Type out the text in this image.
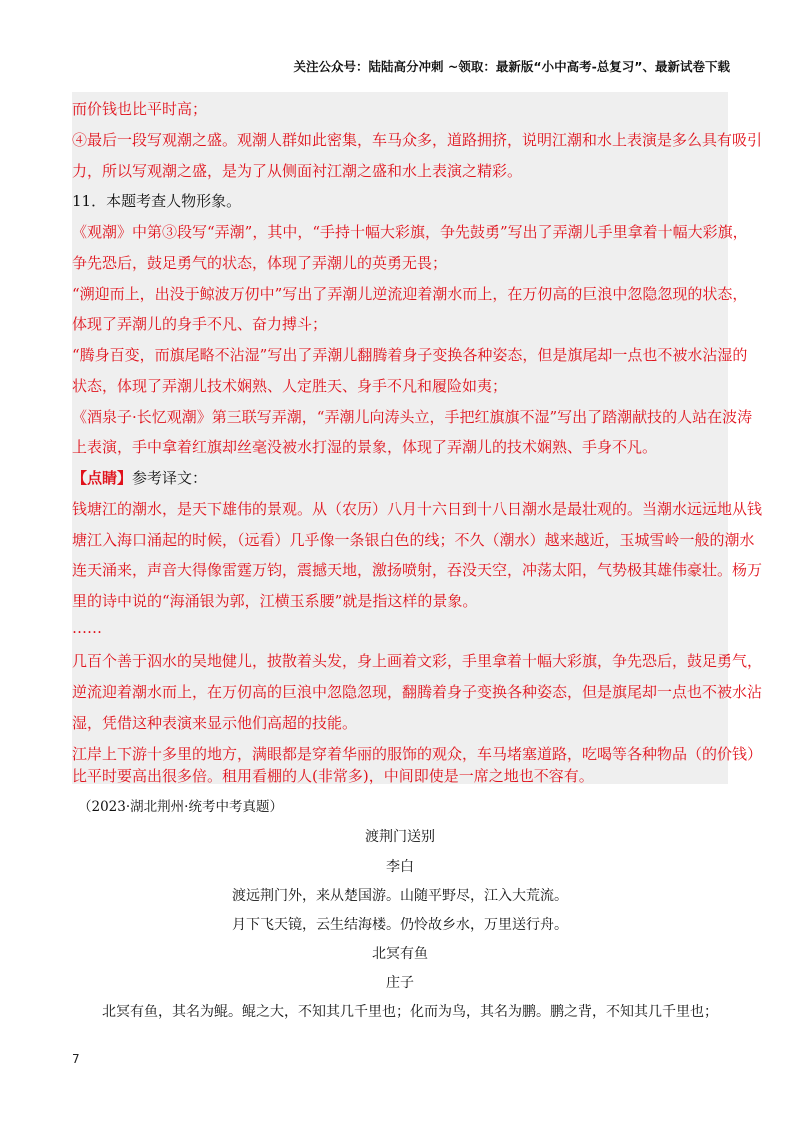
关注公众号：陆陆高分冲刺 ~领取：最新版“小中高考-总复习”、最新试卷下载
而价钱也比平时高；
④最后一段写观潮之盛。观潮人群如此密集，车马众多，道路拥挤，说明江潮和水上表演是多么具有吸引
力，所以写观潮之盛，是为了从侧面衬江潮之盛和水上表演之精彩。
11．本题考查人物形象。
《观潮》中第③段写“弄潮”，其中，“手持十幅大彩旗，争先鼓勇”写出了弄潮儿手里拿着十幅大彩旗，
争先恐后，鼓足勇气的状态，体现了弄潮儿的英勇无畏；
“溯迎而上，出没于鲸波万仞中”写出了弄潮儿逆流迎着潮水而上，在万仞高的巨浪中忽隐忽现的状态，
体现了弄潮儿的身手不凡、奋力搏斗；
“腾身百变，而旗尾略不沾湿”写出了弄潮儿翻腾着身子变换各种姿态，但是旗尾却一点也不被水沾湿的
状态，体现了弄潮儿技术娴熟、人定胜天、身手不凡和履险如夷；
《酒泉子·长忆观潮》第三联写弄潮，“弄潮儿向涛头立，手把红旗旗不湿”写出了踏潮献技的人站在波涛
上表演，手中拿着红旗却丝毫没被水打湿的景象，体现了弄潮儿的技术娴熟、手身不凡。
【点睛】参考译文：
钱塘江的潮水，是天下雄伟的景观。从（农历）八月十六日到十八日潮水是最壮观的。当潮水远远地从钱
塘江入海口涌起的时候，（远看）几乎像一条银白色的线；不久（潮水）越来越近，玉城雪岭一般的潮水
连天涌来，声音大得像雷霆万钧，震撼天地，激扬喷射，吞没天空，冲荡太阳，气势极其雄伟豪壮。杨万
里的诗中说的“海涌银为郭，江横玉系腰”就是指这样的景象。
……
几百个善于泅水的吴地健儿，披散着头发，身上画着文彩，手里拿着十幅大彩旗，争先恐后，鼓足勇气，
逆流迎着潮水而上，在万仞高的巨浪中忽隐忽现，翻腾着身子变换各种姿态，但是旗尾却一点也不被水沾
湿，凭借这种表演来显示他们高超的技能。
江岸上下游十多里的地方，满眼都是穿着华丽的服饰的观众，车马堵塞道路，吃喝等各种物品（的价钱）
比平时要高出很多倍。租用看棚的人(非常多)，中间即使是一席之地也不容有。
（2023·湖北荆州·统考中考真题）
渡荆门送别
李白
渡远荆门外，来从楚国游。山随平野尽，江入大荒流。
月下飞天镜，云生结海楼。仍怜故乡水，万里送行舟。
北冥有鱼
庄子
北冥有鱼，其名为鲲。鲲之大，不知其几千里也；化而为鸟，其名为鹏。鹏之背，不知其几千里也；
7
